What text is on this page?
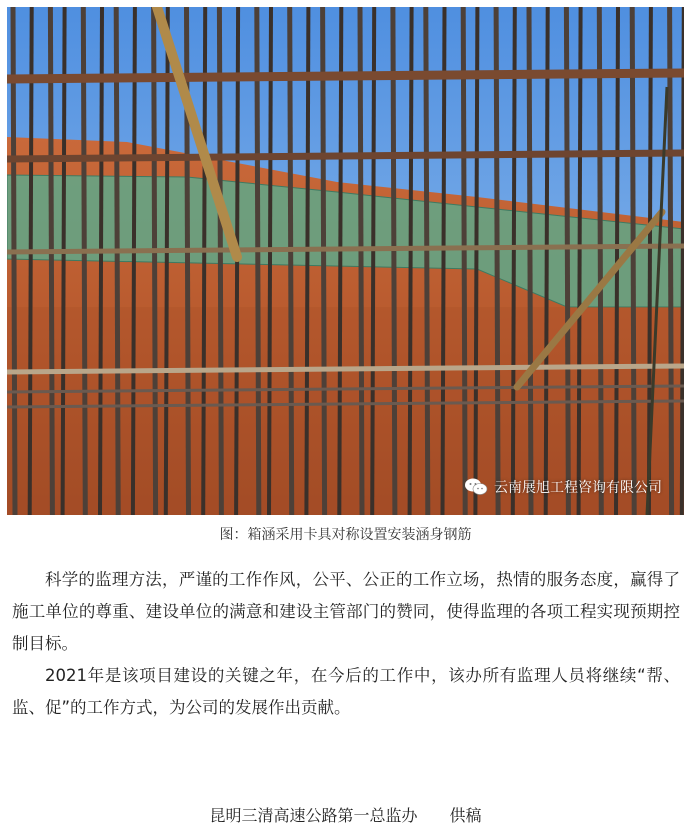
云南展旭工程咨询有限公司
图：箱涵采用卡具对称设置安装涵身钢筋

科学的监理方法，严谨的工作作风，公平、公正的工作立场，热情的服务态度，赢得了施工单位的尊重、建设单位的满意和建设主管部门的赞同，使得监理的各项工程实现预期控制目标。

2021年是该项目建设的关键之年，在今后的工作中，该办所有监理人员将继续“帮、监、促”的工作方式，为公司的发展作出贡献。

昆明三清高速公路第一总监办　　供稿
